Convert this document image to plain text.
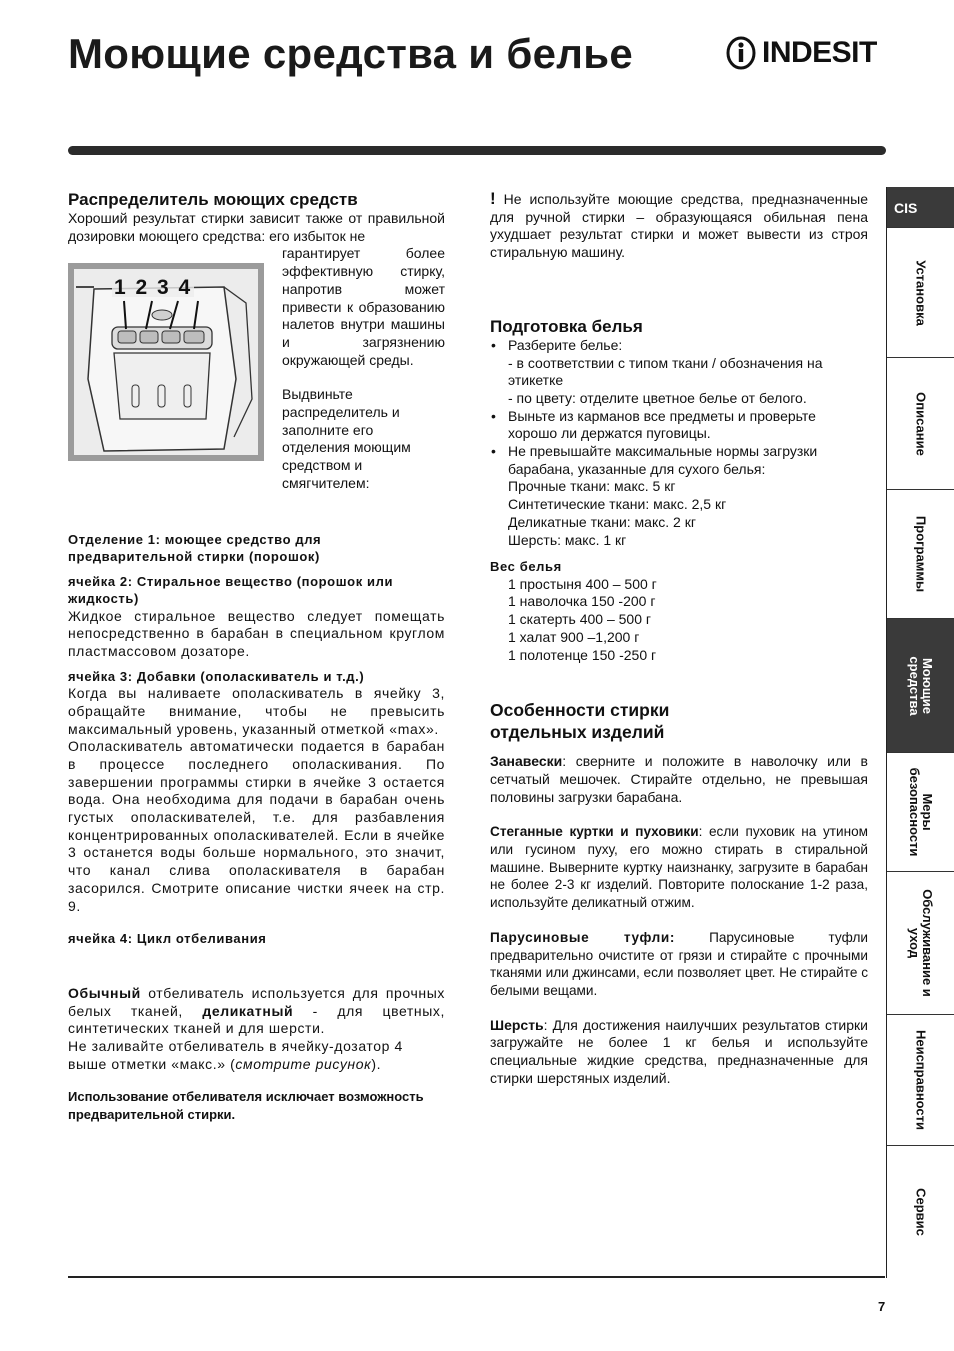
Моющие средства и белье	INDESIT

Распределитель моющих средств

Хороший результат стирки зависит также от правильной дозировки моющего средства: его избыток не

1 2 3 4

гарантирует более эффективную стирку, напротив может привести к образованию налетов внутри машины и загрязнению окружающей среды.

Выдвиньте распределитель и заполните его отделения моющим средством и смягчителем:

Отделение 1: моющее средство для предварительной стирки (порошок)

ячейка 2: Стиральное вещество (порошок или жидкость)

Жидкое стиральное вещество следует помещать непосредственно в барабан в специальном круглом пластмассовом дозаторе.

ячейка 3: Добавки (ополаскиватель и т.д.)

Когда вы наливаете ополаскиватель в ячейку 3, обращайте внимание, чтобы не превысить максимальный уровень, указанный отметкой «max».

Ополаскиватель автоматически подается в барабан в процессе последнего ополаскивания. По завершении программы стирки в ячейке 3 остается вода. Она необходима для подачи в барабан очень густых ополаскивателей, т.е. для разбавления концентрированных ополаскивателей. Если в ячейке 3 останется воды больше нормального, это значит, что канал слива ополаскивателя в барабан засорился. Смотрите описание чистки ячеек на стр. 9.

ячейка 4: Цикл отбеливания

Обычный отбеливатель используется для прочных белых тканей, деликатный - для цветных, синтетических тканей и для шерсти.

Не заливайте отбеливатель в ячейку-дозатор 4 выше отметки «макс.» (смотрите рисунок).

Использование отбеливателя исключает возможность предварительной стирки.

! Не используйте моющие средства, предназначенные для ручной стирки – образующаяся обильная пена ухудшает результат стирки и может вывести из строя стиральную машину.

Подготовка белья

• Разберите белье:
- в соответствии с типом ткани / обозначения на этикетке
- по цвету: отделите цветное белье от белого.
• Выньте из карманов все предметы и проверьте хорошо ли держатся пуговицы.
• Не превышайте максимальные нормы загрузки барабана, указанные для сухого белья:
Прочные ткани: макс. 5 кг
Синтетические ткани: макс. 2,5 кг
Деликатные ткани: макс. 2 кг
Шерсть: макс. 1 кг

Вес белья

1 простыня 400 – 500 г

1 наволочка 150 -200 г

1 скатерть 400 – 500 г

1 халат 900 –1,200 г

1 полотенце 150 -250 г

Особенности стирки

отдельных изделий

Занавески: сверните и положите в наволочку или в сетчатый мешочек. Стирайте отдельно, не превышая половины загрузки барабана.

Стеганные куртки и пуховики: если пуховик на утином или гусином пуху, его можно стирать в стиральной машине. Выверните куртку наизнанку, загрузите в барабан не более 2-3 кг изделий. Повторите полоскание 1-2 раза, используйте деликатный отжим.

Парусиновые туфли: Парусиновые туфли предварительно очистите от грязи и стирайте с прочными тканями или джинсами, если позволяет цвет. Не стирайте с белыми вещами.

Шерсть: Для достижения наилучших результатов стирки загружайте не более 1 кг белья и используйте специальные жидкие средства, предназначенные для стирки шерстяных изделий.

CIS
Установка
Описание
Программы
Моющие средства
Меры безопасности
Обслуживание и уход
Неисправности
Сервис
7
